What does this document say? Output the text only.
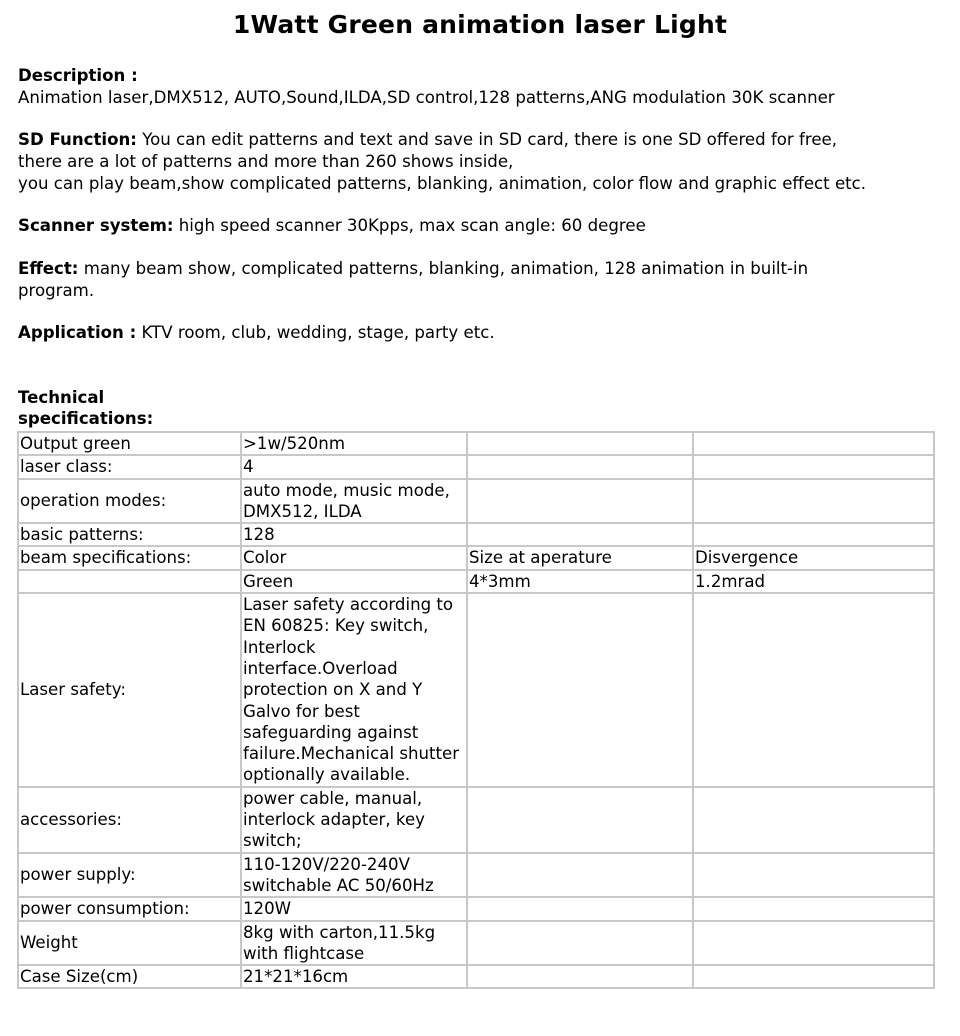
1Watt Green animation laser Light
Description :
Animation laser,DMX512, AUTO,Sound,ILDA,SD control,128 patterns,ANG modulation 30K scanner
SD Function: You can edit patterns and text and save in SD card, there is one SD offered for free,
there are a lot of patterns and more than 260 shows inside,
you can play beam,show complicated patterns, blanking, animation, color flow and graphic effect etc.
Scanner system: high speed scanner 30Kpps, max scan angle: 60 degree
Effect: many beam show, complicated patterns, blanking, animation, 128 animation in built-in
program.
Application : KTV room, club, wedding, stage, party etc.
Technical
specifications:
Output green	>1w/520nm		
laser class:	4		
operation modes:	auto mode, music mode, DMX512, ILDA		
basic patterns:	128		
beam specifications:	Color	Size at aperature	Disvergence
	Green	4*3mm	1.2mrad
Laser safety:	Laser safety according to EN 60825: Key switch, Interlock interface.Overload protection on X and Y Galvo for best safeguarding against failure.Mechanical shutter optionally available.		
accessories:	power cable, manual, interlock adapter, key switch;		
power supply:	110-120V/220-240V switchable AC 50/60Hz		
power consumption:	120W		
Weight	8kg with carton,11.5kg with flightcase		
Case Size(cm)	21*21*16cm		
